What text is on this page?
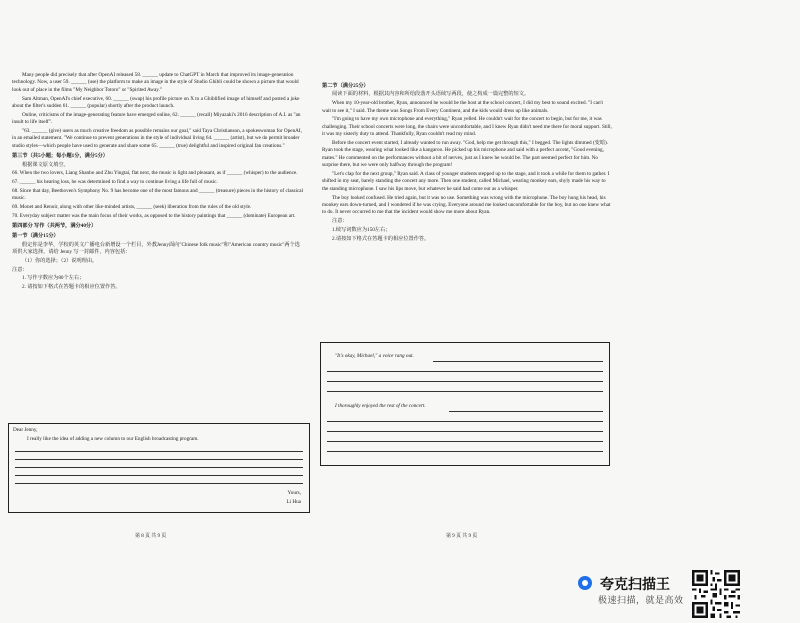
Many people did precisely that after OpenAI released 58. ______ update to ChatGPT in March that improved its image-generation technology. Now, a user 59. ______ (use) the platform to make an image in the style of Studio Ghibli could be shown a picture that would look out of place in the films "My Neighbor Totoro" or "Spirited Away."

Sam Altman, OpenAI's chief executive, 60. ______ (swap) his profile picture on X to a Ghiblified image of himself and posted a joke about the filter's sudden 61. ______ (popular) shortly after the product launch.

Online, criticisms of the image-generating feature have emerged online, 62. ______ (recall) Miyazaki's 2016 description of A.I. as "an insult to life itself".

"63. ______ (give) users as much creative freedom as possible remains our goal," said Taya Christianson, a spokeswoman for OpenAI, in an emailed statement. "We continue to prevent generations in the style of individual living 64. ______ (artist), but we do permit broader studio styles—which people have used to generate and share some 65. ______ (true) delightful and inspired original fan creations."

第三节（共5小题；每小题1分，满分5分）

根据课文原文填空。

66. When the two lovers, Liang Shanbo and Zhu Yingtai, flat next, the music is light and pleasant, as if ______ (whisper) to the audience.

67. ______ his hearing loss, he was determined to find a way to continue living a life full of music.

68. Since that day, Beethoven's Symphony No. 9 has become one of the most famous and ______ (treasure) pieces in the history of classical music.

69. Monet and Renoir, along with other like-minded artists, ______ (seek) liberation from the rules of the old style.

70. Everyday subject matter was the main focus of their works, as opposed to the history paintings that ______ (dominate) European art.

第四部分 写作（共两节，满分40分）

第一节（满分15分）

假定你是李华，学校的英文广播电台新增设一个栏目，外教Jenny面向"Chinese folk music"和"American country music"两个选项供大家选择，请给 Jenny 写一封邮件，内容包括：

（1）你的选择；（2）说明理由。

注意：

1. 写作字数应为80个左右；

2. 请按如下格式在答题卡的相应位置作答。

Dear Jenny,
I really like the idea of adding a new column to our English broadcasting program.
Yours,
Li Hua
第 8 页 共 9 页

第二节（满分25分）

阅读下面的材料，根据其内容和所给段落开头语续写两段，使之构成一篇完整的短文。

When my 10-year-old brother, Ryan, announced he would be the host at the school concert, I did my best to sound excited. "I can't wait to see it," I said. The theme was Songs From Every Continent, and the kids would dress up like animals.

"I'm going to have my own microphone and everything," Ryan yelled. He couldn't wait for the concert to begin, but for me, it was challenging. Their school concerts were long, the chairs were uncomfortable, and I knew Ryan didn't need me there for moral support. Still, it was my sisterly duty to attend. Thankfully, Ryan couldn't read my mind.

Before the concert event started, I already wanted to run away. "God, help me get through this," I begged. The lights dimmed (变暗). Ryan took the stage, wearing what looked like a kangaroo. He picked up his microphone and said with a perfect accent, "Good evening, mates." He commented on the performances without a bit of nerves, just as I knew he would be. The part seemed perfect for him. No surprise there, but we were only halfway through the program!

"Let's clap for the next group," Ryan said. A class of younger students stepped up to the stage, and it took a while for them to gather. I shifted in my seat, barely standing the concert any more. Then one student, called Michael, wearing monkey ears, shyly made his way to the standing microphone. I saw his lips move, but whatever he said had come out as a whisper.

The boy looked confused. He tried again, but it was no use. Something was wrong with the microphone. The boy hung his head, his monkey ears down-turned, and I wondered if he was crying. Everyone around me looked uncomfortable for the boy, but no one knew what to do. It never occurred to me that the incident would show me more about Ryan.

注意：

1.续写词数应为150左右；

2.请按如下格式在答题卡的相应位置作答。

"It's okay, Michael," a voice rang out.
I thoroughly enjoyed the rest of the concert.
第 9 页 共 9 页
夸克扫描王
极速扫描，就是高效
